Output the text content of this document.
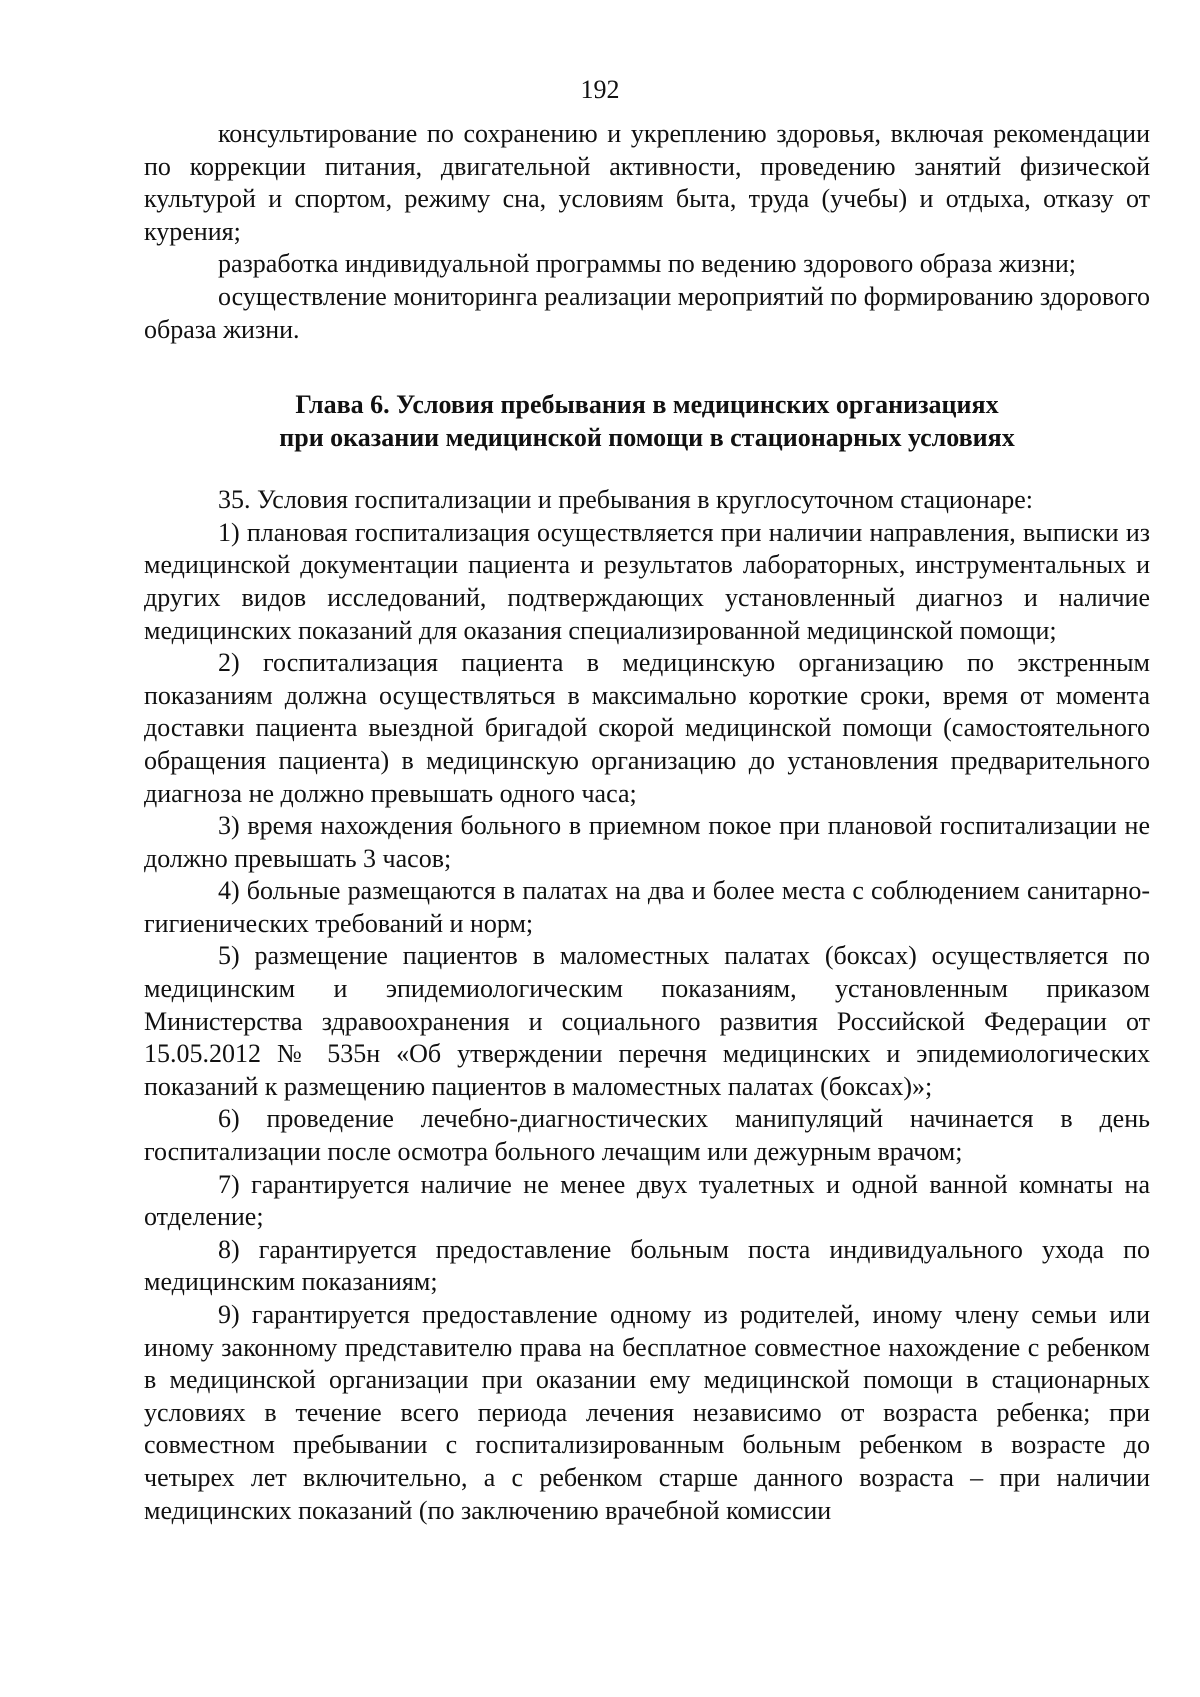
192

консультирование по сохранению и укреплению здоровья, включая рекомендации по коррекции питания, двигательной активности, проведению занятий физической культурой и спортом, режиму сна, условиям быта, труда (учебы) и отдыха, отказу от курения;

разработка индивидуальной программы по ведению здорового образа жизни;

осуществление мониторинга реализации мероприятий по формированию здорового образа жизни.

Глава 6. Условия пребывания в медицинских организациях
при оказании медицинской помощи в стационарных условиях

35. Условия госпитализации и пребывания в круглосуточном стационаре:

1) плановая госпитализация осуществляется при наличии направления, выписки из медицинской документации пациента и результатов лабораторных, инструментальных и других видов исследований, подтверждающих установленный диагноз и наличие медицинских показаний для оказания специализированной медицинской помощи;

2) госпитализация пациента в медицинскую организацию по экстренным показаниям должна осуществляться в максимально короткие сроки, время от момента доставки пациента выездной бригадой скорой медицинской помощи (самостоятельного обращения пациента) в медицинскую организацию до установления предварительного диагноза не должно превышать одного часа;

3) время нахождения больного в приемном покое при плановой госпитализации не должно превышать 3 часов;

4) больные размещаются в палатах на два и более места с соблюдением санитарно-гигиенических требований и норм;

5) размещение пациентов в маломестных палатах (боксах) осуществляется по медицинским и эпидемиологическим показаниям, установленным приказом Министерства здравоохранения и социального развития Российской Федерации от 15.05.2012 № 535н «Об утверждении перечня медицинских и эпидемиологических показаний к размещению пациентов в маломестных палатах (боксах)»;

6) проведение лечебно-диагностических манипуляций начинается в день госпитализации после осмотра больного лечащим или дежурным врачом;

7) гарантируется наличие не менее двух туалетных и одной ванной комнаты на отделение;

8) гарантируется предоставление больным поста индивидуального ухода по медицинским показаниям;

9) гарантируется предоставление одному из родителей, иному члену семьи или иному законному представителю права на бесплатное совместное нахождение с ребенком в медицинской организации при оказании ему медицинской помощи в стационарных условиях в течение всего периода лечения независимо от возраста ребенка; при совместном пребывании с госпитализированным больным ребенком в возрасте до четырех лет включительно, а с ребенком старше данного возраста – при наличии медицинских показаний (по заключению врачебной комиссии
